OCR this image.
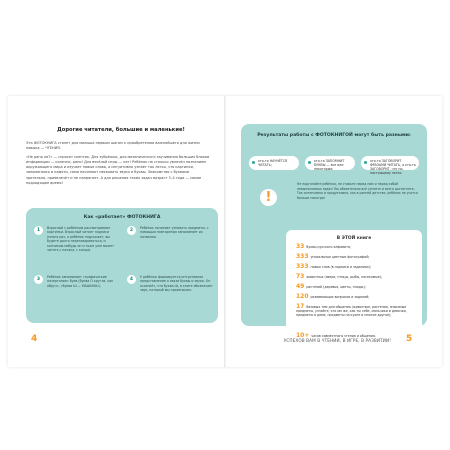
Дорогие читатели, большие и маленькие!

Эта ФОТОКНИГА станет для малыша первым шагом к приобретению важнейшего для жизни навыка — ЧТЕНИЯ.

«Не рано ли?» — спросит скептик. Для зубрёжки, для механического заучивания больших блоков информации — конечно, рано! Для весёлой игры — нет! Ребёнок на столько увлечён познанием окружающего мира и изучает новые слова, а интуитивно узнаёт так легко, что картинки, запоминаясь в памяти, сами начинают связывать звуки и буквы. Знакомство с буквами зрительно, приявлечёт и не напрягает. А для решения таких задач возраст 3–4 года — самое подходящее время!

Как «работает» ФОТОКНИГА
1	Взрослый с ребёнком рассматривают картинки. Взрослый читает подписи (много раз, а ребёнок подскажет, вы будете долго переговариваться, и кончиком-нибудь он и тоже уже может читать с начала, с конца).
2	Ребёнок начинает узнавать предметы, с помощью повторения запоминает их названия.
3	Ребёнок запоминает «графические начертания» букв (буква О кругла, как обруч», «буква Ш — МАШИНА»).
4	У ребёнка формируется интуитивное представление о связи буквы и звука. Он осознаёт, что буква Ш, в книге обозначает звук, который мы произносим.
4
Результаты работы с ФОТОКНИГОЙ могут быть разными:
кто-то НАЧНЁТСЯ ЧИТАТЬ;
кто-то ЗАПОМНИТ БУКВЫ — все или некоторые;
кто-то ЗАГОВОРИТ ФРАЗАМИ ЧИТАТЬ, а кто-то ЗАГОВОРИТ, что по-настоящему легко.
!
Не подгоняйте ребёнка, не ставьте перед ним и перед собой невыполнимых задач! Вы обязательно всё успеете и всего достигнете. Так интенсивно и продуктивно, как в ранней детстве, ребёнок не учится больше никогда!
В ЭТОЙ книге
33 буквы русского алфавита;
333 уникальные цветные фотографий;
333 новых слов (в подписи и заданиях);
73 животных (звери, птицы, рыбы, насекомые);
49 растений (деревья, цветы, плоды);
120 развивающих вопросов и заданий;
17 базовых тем для общения (животные, растения, знакомые предметы, узнайте, кто им же, как ты себе, мальчики и девочки, предметы в доме, предметы на кухне и многое другое);
10+ часов совместного чтения и общения.
УСПЕХОВ ВАМ В ЧТЕНИИ, В ИГРЕ, В РАЗВИТИИ! 5
